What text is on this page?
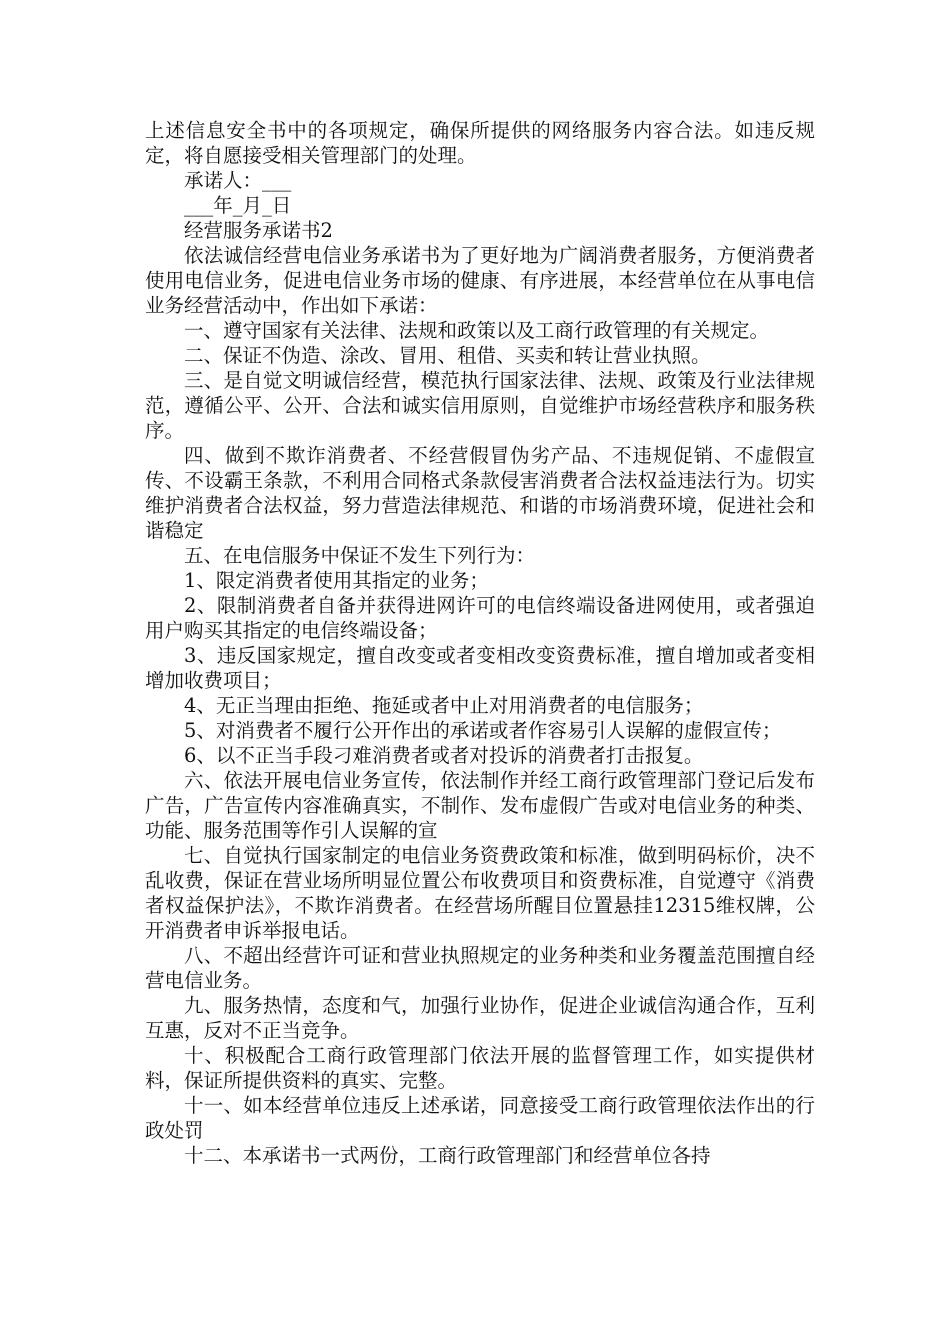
上述信息安全书中的各项规定，确保所提供的网络服务内容合法。如违反规定，将自愿接受相关管理部门的处理。

承诺人：___

___年_月_日

经营服务承诺书2

依法诚信经营电信业务承诺书为了更好地为广阔消费者服务，方便消费者使用电信业务，促进电信业务市场的健康、有序进展，本经营单位在从事电信业务经营活动中，作出如下承诺：

一、遵守国家有关法律、法规和政策以及工商行政管理的有关规定。

二、保证不伪造、涂改、冒用、租借、买卖和转让营业执照。

三、是自觉文明诚信经营，模范执行国家法律、法规、政策及行业法律规范，遵循公平、公开、合法和诚实信用原则，自觉维护市场经营秩序和服务秩序。

四、做到不欺诈消费者、不经营假冒伪劣产品、不违规促销、不虚假宣传、不设霸王条款，不利用合同格式条款侵害消费者合法权益违法行为。切实维护消费者合法权益，努力营造法律规范、和谐的市场消费环境，促进社会和谐稳定

五、在电信服务中保证不发生下列行为：

1、限定消费者使用其指定的业务；

2、限制消费者自备并获得进网许可的电信终端设备进网使用，或者强迫用户购买其指定的电信终端设备；

3、违反国家规定，擅自改变或者变相改变资费标准，擅自增加或者变相增加收费项目；

4、无正当理由拒绝、拖延或者中止对用消费者的电信服务；

5、对消费者不履行公开作出的承诺或者作容易引人误解的虚假宣传；

6、以不正当手段刁难消费者或者对投诉的消费者打击报复。

六、依法开展电信业务宣传，依法制作并经工商行政管理部门登记后发布广告，广告宣传内容准确真实，不制作、发布虚假广告或对电信业务的种类、功能、服务范围等作引人误解的宣

七、自觉执行国家制定的电信业务资费政策和标准，做到明码标价，决不乱收费，保证在营业场所明显位置公布收费项目和资费标准，自觉遵守《消费者权益保护法》，不欺诈消费者。在经营场所醒目位置悬挂12315维权牌，公开消费者申诉举报电话。

八、不超出经营许可证和营业执照规定的业务种类和业务覆盖范围擅自经营电信业务。

九、服务热情，态度和气，加强行业协作，促进企业诚信沟通合作，互利互惠，反对不正当竞争。

十、积极配合工商行政管理部门依法开展的监督管理工作，如实提供材料，保证所提供资料的真实、完整。

十一、如本经营单位违反上述承诺，同意接受工商行政管理依法作出的行政处罚

十二、本承诺书一式两份，工商行政管理部门和经营单位各持
